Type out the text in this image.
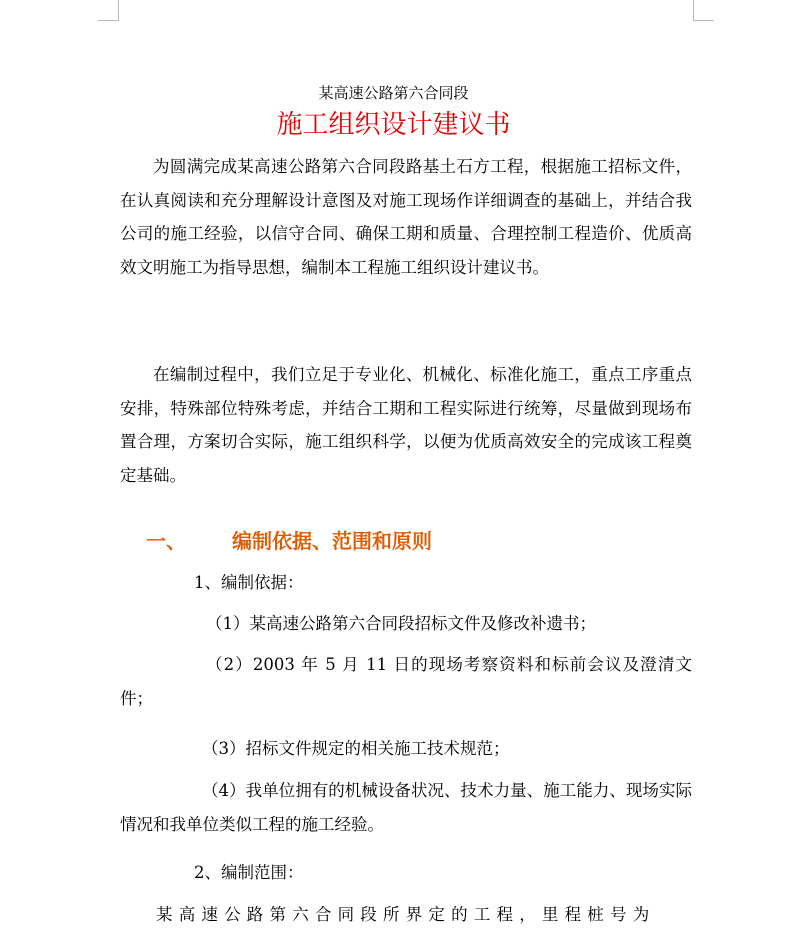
某高速公路第六合同段
施工组织设计建议书

为圆满完成某高速公路第六合同段路基土石方工程，根据施工招标文件，在认真阅读和充分理解设计意图及对施工现场作详细调查的基础上，并结合我公司的施工经验，以信守合同、确保工期和质量、合理控制工程造价、优质高效文明施工为指导思想，编制本工程施工组织设计建议书。

在编制过程中，我们立足于专业化、机械化、标准化施工，重点工序重点安排，特殊部位特殊考虑，并结合工期和工程实际进行统筹，尽量做到现场布置合理，方案切合实际，施工组织科学，以便为优质高效安全的完成该工程奠定基础。

一、 编制依据、范围和原则
1、编制依据：
（1）某高速公路第六合同段招标文件及修改补遗书；

（2）2003 年 5 月 11 日的现场考察资料和标前会议及澄清文件；

（3）招标文件规定的相关施工技术规范；

（4）我单位拥有的机械设备状况、技术力量、施工能力、现场实际情况和我单位类似工程的施工经验。

2、编制范围：
某高速公路第六合同段所界定的工程，里程桩号为
